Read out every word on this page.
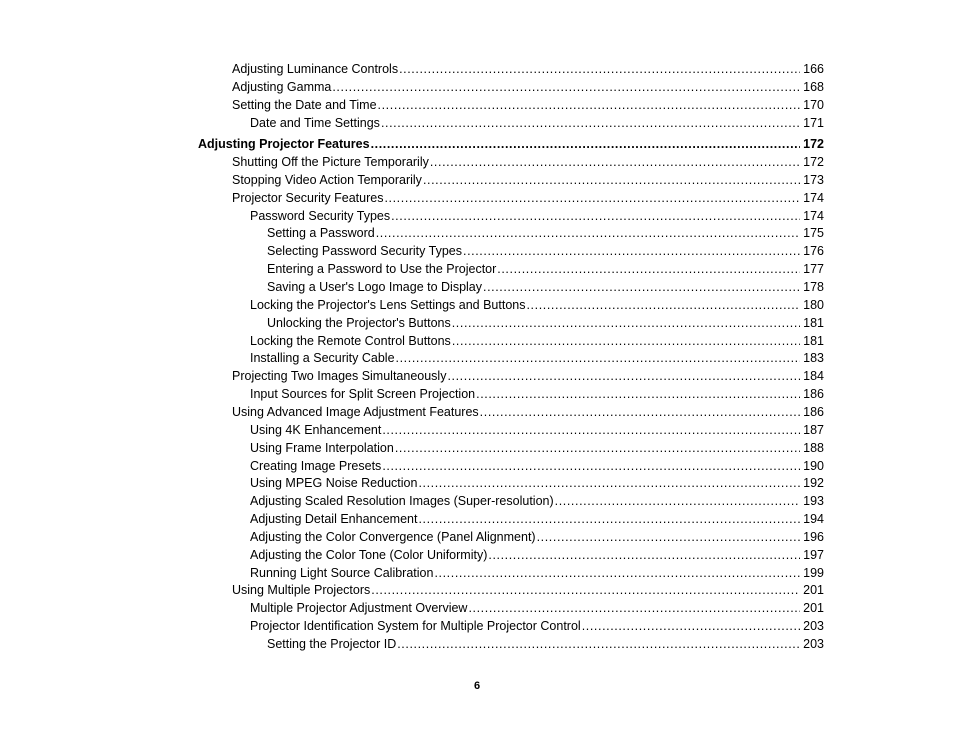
Adjusting Luminance Controls .....	166
Adjusting Gamma .....	168
Setting the Date and Time .....	170
Date and Time Settings .....	171
Adjusting Projector Features .....	172
Shutting Off the Picture Temporarily .....	172
Stopping Video Action Temporarily .....	173
Projector Security Features .....	174
Password Security Types .....	174
Setting a Password .....	175
Selecting Password Security Types .....	176
Entering a Password to Use the Projector .....	177
Saving a User's Logo Image to Display .....	178
Locking the Projector's Lens Settings and Buttons .....	180
Unlocking the Projector's Buttons .....	181
Locking the Remote Control Buttons .....	181
Installing a Security Cable .....	183
Projecting Two Images Simultaneously .....	184
Input Sources for Split Screen Projection .....	186
Using Advanced Image Adjustment Features .....	186
Using 4K Enhancement .....	187
Using Frame Interpolation .....	188
Creating Image Presets .....	190
Using MPEG Noise Reduction .....	192
Adjusting Scaled Resolution Images (Super-resolution) .....	193
Adjusting Detail Enhancement .....	194
Adjusting the Color Convergence (Panel Alignment) .....	196
Adjusting the Color Tone (Color Uniformity) .....	197
Running Light Source Calibration .....	199
Using Multiple Projectors .....	201
Multiple Projector Adjustment Overview .....	201
Projector Identification System for Multiple Projector Control .....	203
Setting the Projector ID .....	203
6
